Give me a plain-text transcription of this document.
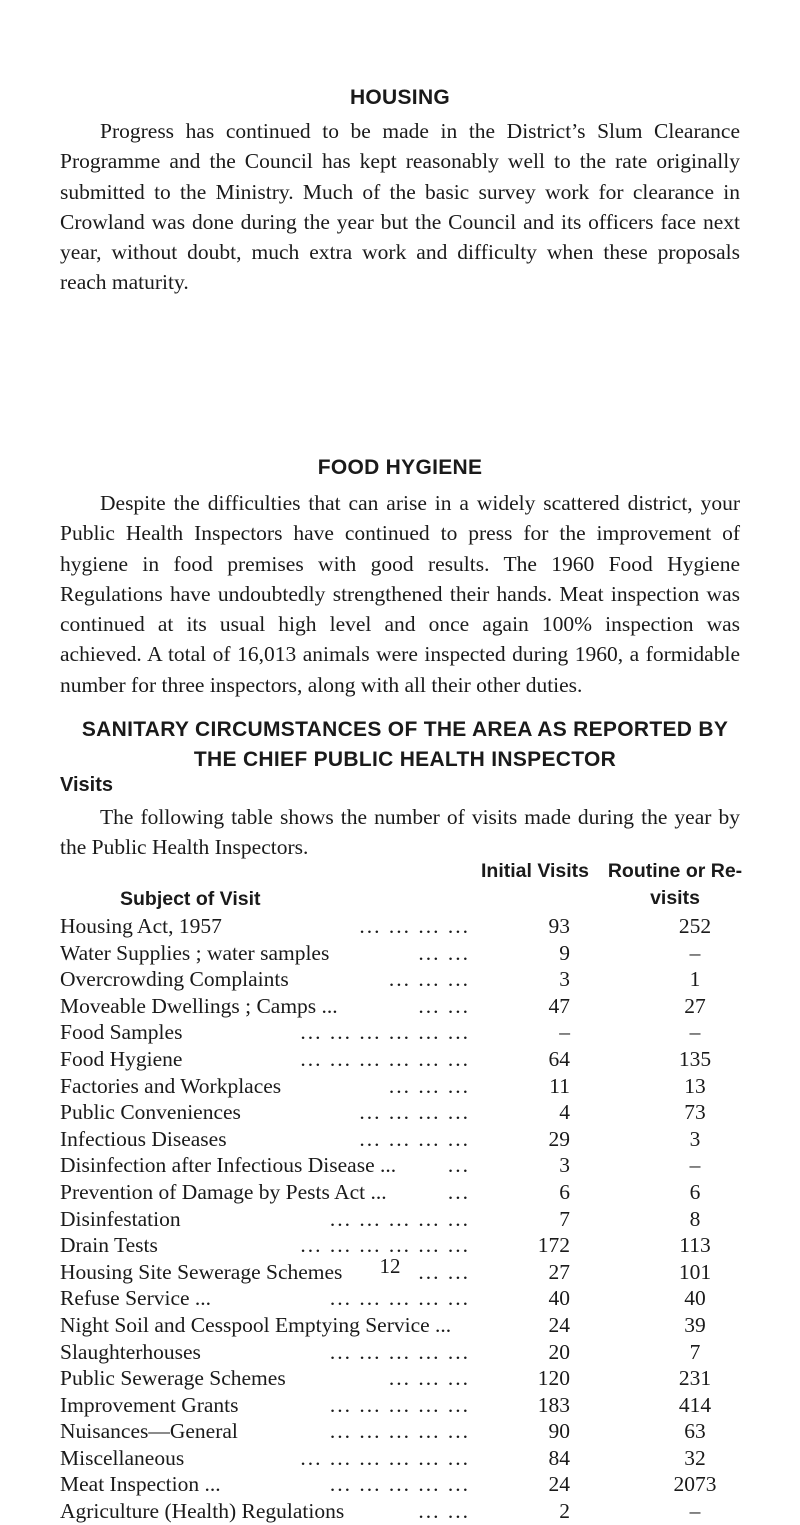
HOUSING

Progress has continued to be made in the District’s Slum Clearance Programme and the Council has kept reasonably well to the rate originally submitted to the Ministry. Much of the basic survey work for clearance in Crowland was done during the year but the Council and its officers face next year, without doubt, much extra work and difficulty when these proposals reach maturity.

FOOD HYGIENE

Despite the difficulties that can arise in a widely scattered district, your Public Health Inspectors have continued to press for the improvement of hygiene in food premises with good results. The 1960 Food Hygiene Regulations have undoubtedly strengthened their hands. Meat inspection was continued at its usual high level and once again 100% inspection was achieved. A total of 16,013 animals were inspected during 1960, a formidable number for three inspectors, along with all their other duties.

SANITARY CIRCUMSTANCES OF THE AREA AS REPORTED BY THE CHIEF PUBLIC HEALTH INSPECTOR
Visits

The following table shows the number of visits made during the year by the Public Health Inspectors.

Subject of Visit
Initial Visits Routine or Re-visits
Housing Act, 1957	... ... ... ...	93	252
Water Supplies ; water samples	... ...	9	–
Overcrowding Complaints	... ... ...	3	1
Moveable Dwellings ; Camps ...	... ...	47	27
Food Samples	... ... ... ... ... ...	–	–
Food Hygiene	... ... ... ... ... ...	64	135
Factories and Workplaces	... ... ...	11	13
Public Conveniences	... ... ... ...	4	73
Infectious Diseases	... ... ... ...	29	3
Disinfection after Infectious Disease ... ...	3	–
Prevention of Damage by Pests Act ...	...	6	6
Disinfestation	... ... ... ... ...	7	8
Drain Tests	... ... ... ... ... ...	172	113
Housing Site Sewerage Schemes	... ...	27	101
Refuse Service ...	... ... ... ... ...	40	40
Night Soil and Cesspool Emptying Service ...	24	39
Slaughterhouses	... ... ... ... ...	20	7
Public Sewerage Schemes	... ... ...	120	231
Improvement Grants	... ... ... ... ...	183	414
Nuisances—General	... ... ... ... ...	90	63
Miscellaneous	... ... ... ... ... ...	84	32
Meat Inspection ...	... ... ... ... ...	24	2073
Agriculture (Health) Regulations	... ...	2	–
12
